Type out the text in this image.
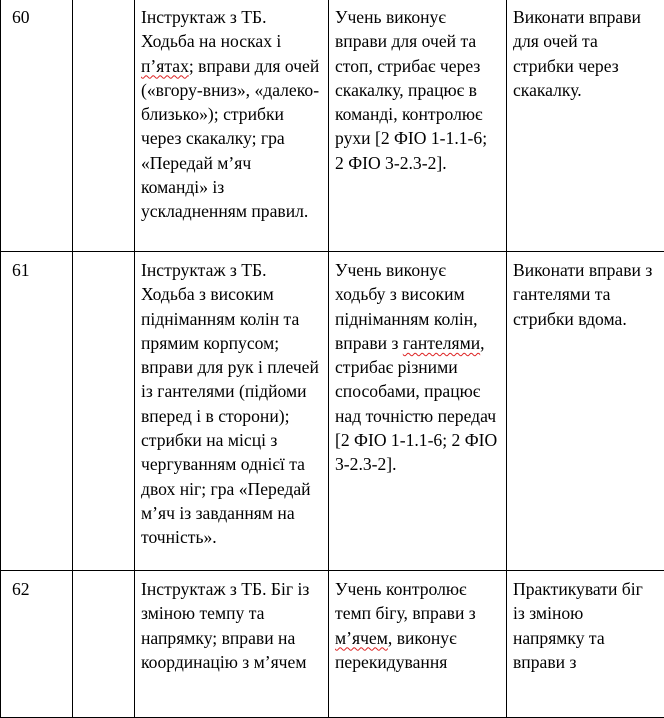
60		Інструктаж з ТБ. Ходьба на носках і п’ятах; вправи для очей («вгору-вниз», «далеко-близько»); стрибки через скакалку; гра «Передай м’яч команді» із ускладненням правил.	Учень виконує вправи для очей та стоп, стрибає через скакалку, працює в команді, контролює рухи [2 ФІО 1-1.1-6; 2 ФІО 3-2.3-2].	Виконати вправи для очей та стрибки через скакалку.
61		Інструктаж з ТБ. Ходьба з високим підніманням колін та прямим корпусом; вправи для рук і плечей із гантелями (підйоми вперед і в сторони); стрибки на місці з чергуванням однієї та двох ніг; гра «Передай м’яч із завданням на точність».	Учень виконує ходьбу з високим підніманням колін, вправи з гантелями, стрибає різними способами, працює над точністю передач [2 ФІО 1-1.1-6; 2 ФІО 3-2.3-2].	Виконати вправи з гантелями та стрибки вдома.
62		Інструктаж з ТБ. Біг із зміною темпу та напрямку; вправи на координацію з м’ячем	Учень контролює темп бігу, вправи з м’ячем, виконує перекидування	Практикувати біг із зміною напрямку та вправи з
